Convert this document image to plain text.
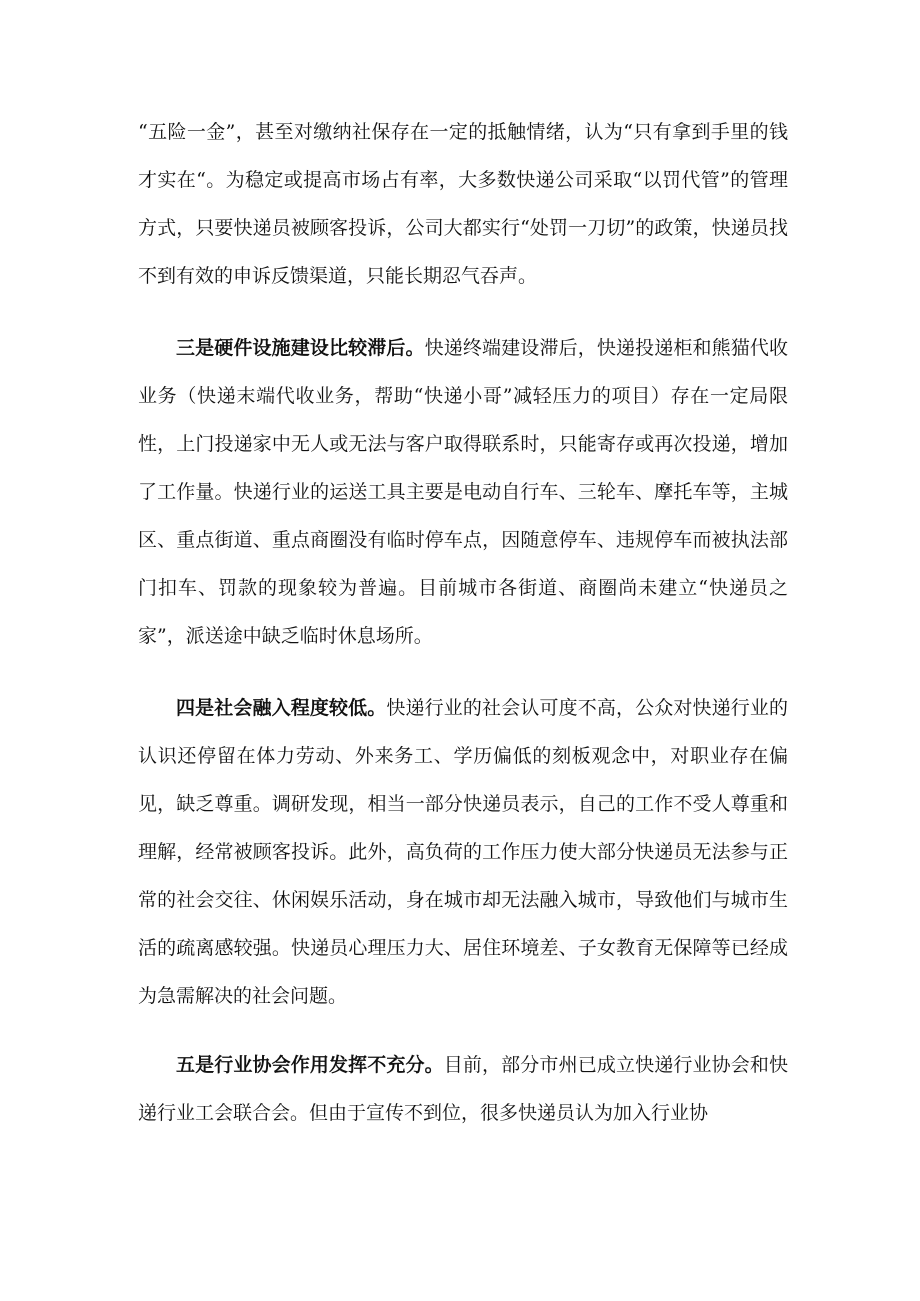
“五险一金”，甚至对缴纳社保存在一定的抵触情绪，认为“只有拿到手里的钱才实在“。为稳定或提高市场占有率，大多数快递公司采取“以罚代管”的管理方式，只要快递员被顾客投诉，公司大都实行“处罚一刀切”的政策，快递员找不到有效的申诉反馈渠道，只能长期忍气吞声。

三是硬件设施建设比较滞后。快递终端建设滞后，快递投递柜和熊猫代收业务（快递末端代收业务，帮助“快递小哥”减轻压力的项目）存在一定局限性，上门投递家中无人或无法与客户取得联系时，只能寄存或再次投递，增加了工作量。快递行业的运送工具主要是电动自行车、三轮车、摩托车等，主城区、重点街道、重点商圈没有临时停车点，因随意停车、违规停车而被执法部门扣车、罚款的现象较为普遍。目前城市各街道、商圈尚未建立“快递员之家”，派送途中缺乏临时休息场所。

四是社会融入程度较低。快递行业的社会认可度不高，公众对快递行业的认识还停留在体力劳动、外来务工、学历偏低的刻板观念中，对职业存在偏见，缺乏尊重。调研发现，相当一部分快递员表示，自己的工作不受人尊重和理解，经常被顾客投诉。此外，高负荷的工作压力使大部分快递员无法参与正常的社会交往、休闲娱乐活动，身在城市却无法融入城市，导致他们与城市生活的疏离感较强。快递员心理压力大、居住环境差、子女教育无保障等已经成为急需解决的社会问题。

五是行业协会作用发挥不充分。目前，部分市州已成立快递行业协会和快递行业工会联合会。但由于宣传不到位，很多快递员认为加入行业协
